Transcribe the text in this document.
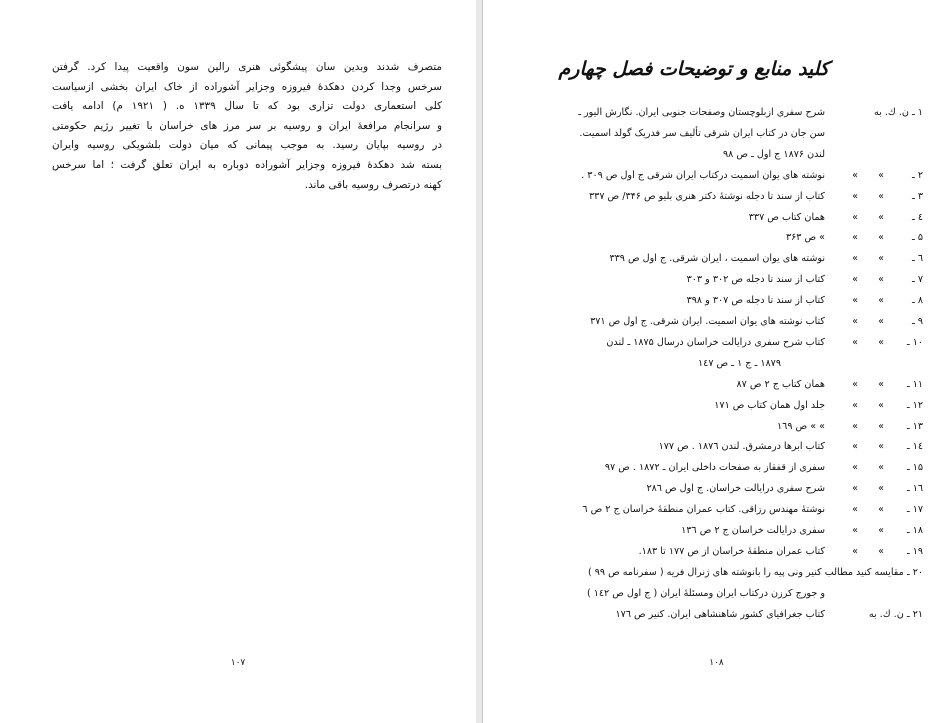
متصرف شدند وبدین سان پیشگوئی هنری رالین سون واقعیت پیدا کرد. گرفتن
سرخس وجدا کردن دهکدهٔ فیروزه وجزایر آشوراده از خاک ایران بخشی ازسیاست
کلی استعماری دولت تزاری بود که تا سال ۱۳۳۹ ه. ( ۱۹۲۱ م) ادامه یافت
و سرانجام مرافعهٔ ایران و روسیه بر سر مرز های خراسان با تغییر رژیم حکومتی
در روسیه بپایان رسید. به موجب پیمانی که میان دولت بلشویکی روسیه وایران
بسته شد دهکدهٔ فیروزه وجزایر آشوراده دوباره به ایران تعلق گرفت ؛ اما سرخس
کهنه درتصرف روسیه باقی ماند.
کلید منابع و توضیحات فصل چهارم
۱ ـ ن. ك. به
شرح سفری ازبلوچستان وصفحات جنوبی ایران. نگارش الیور ـ
سن جان در کتاب ایران شرقی تألیف سر فدریک گولد اسمیت.
لندن ۱۸۷۶ ج اول ـ ص ۹۸
۲ ـ
»
»
نوشته های یوان اسمیت درکتاب ایران شرقی ج اول ص ۳۰۹ .
۳ ـ
»
»
کتاب از سند تا دجله نوشتهٔ دکتر هنری بلیو ص ۳۴۶/ ص ۳۳۷
٤ ـ
»
»
همان کتاب ص ۳۳۷
۵ ـ
»
»
» ص ۳۶۳
٦ ـ
»
»
نوشته های یوان اسمیت ، ایران شرقی. ج اول ص ۳۳۹
۷ ـ
»
»
کتاب از سند تا دجله ص ۳۰۲ و ۳۰۳
۸ ـ
»
»
کتاب از سند تا دجله ص ۳۰۷ و ۳۹۸
۹ ـ
»
»
کتاب نوشته های یوان اسمیت. ایران شرقی. ج اول ص ۳۷۱
۱۰ ـ
»
»
کتاب شرح سفری درایالت خراسان درسال ۱۸۷۵ ـ لندن
۱۸۷۹ ـ ج ۱ ـ ص ۱٤۷
۱۱ ـ
»
»
همان کتاب ج ۲ ص ۸۷
۱۲ ـ
»
»
جلد اول همان کتاب ص ۱۷۱
۱۳ ـ
»
»
» » ص ۱٦۹
۱٤ ـ
»
»
کتاب ابرها درمشرق. لندن ۱۸۷٦ . ص ۱۷۷
۱۵ ـ
»
»
سفری از قفقاز به صفحات داخلی ایران ـ ۱۸۷۲ . ص ۹۷
۱٦ ـ
»
»
شرح سفری درایالت خراسان. ج اول ص ۲۸٦
۱۷ ـ
»
»
نوشتهٔ مهندس رزاقی. کتاب عمران منطقهٔ خراسان ج ۲ ص ٦
۱۸ ـ
»
»
سفری درایالت خراسان ج ۲ ص ۱۳٦
۱۹ ـ
»
»
کتاب عمران منطقهٔ خراسان از ص ۱۷۷ تا ۱۸۳.
۲۰ ـ مقایسه کنید مطالب کنیر ونی پیه را بانوشته های ژنرال فریه ( سفرنامه ص ۹۹ )
و جورج کرزن درکتاب ایران ومسئلهٔ ایران ( ج اول ص ۱٤۲ )
۲۱ ـ ن. ك. به
کتاب جغرافیای کشور شاهنشاهی ایران. کنیر ص ۱۷٦
۱۰۷	۱۰۸
